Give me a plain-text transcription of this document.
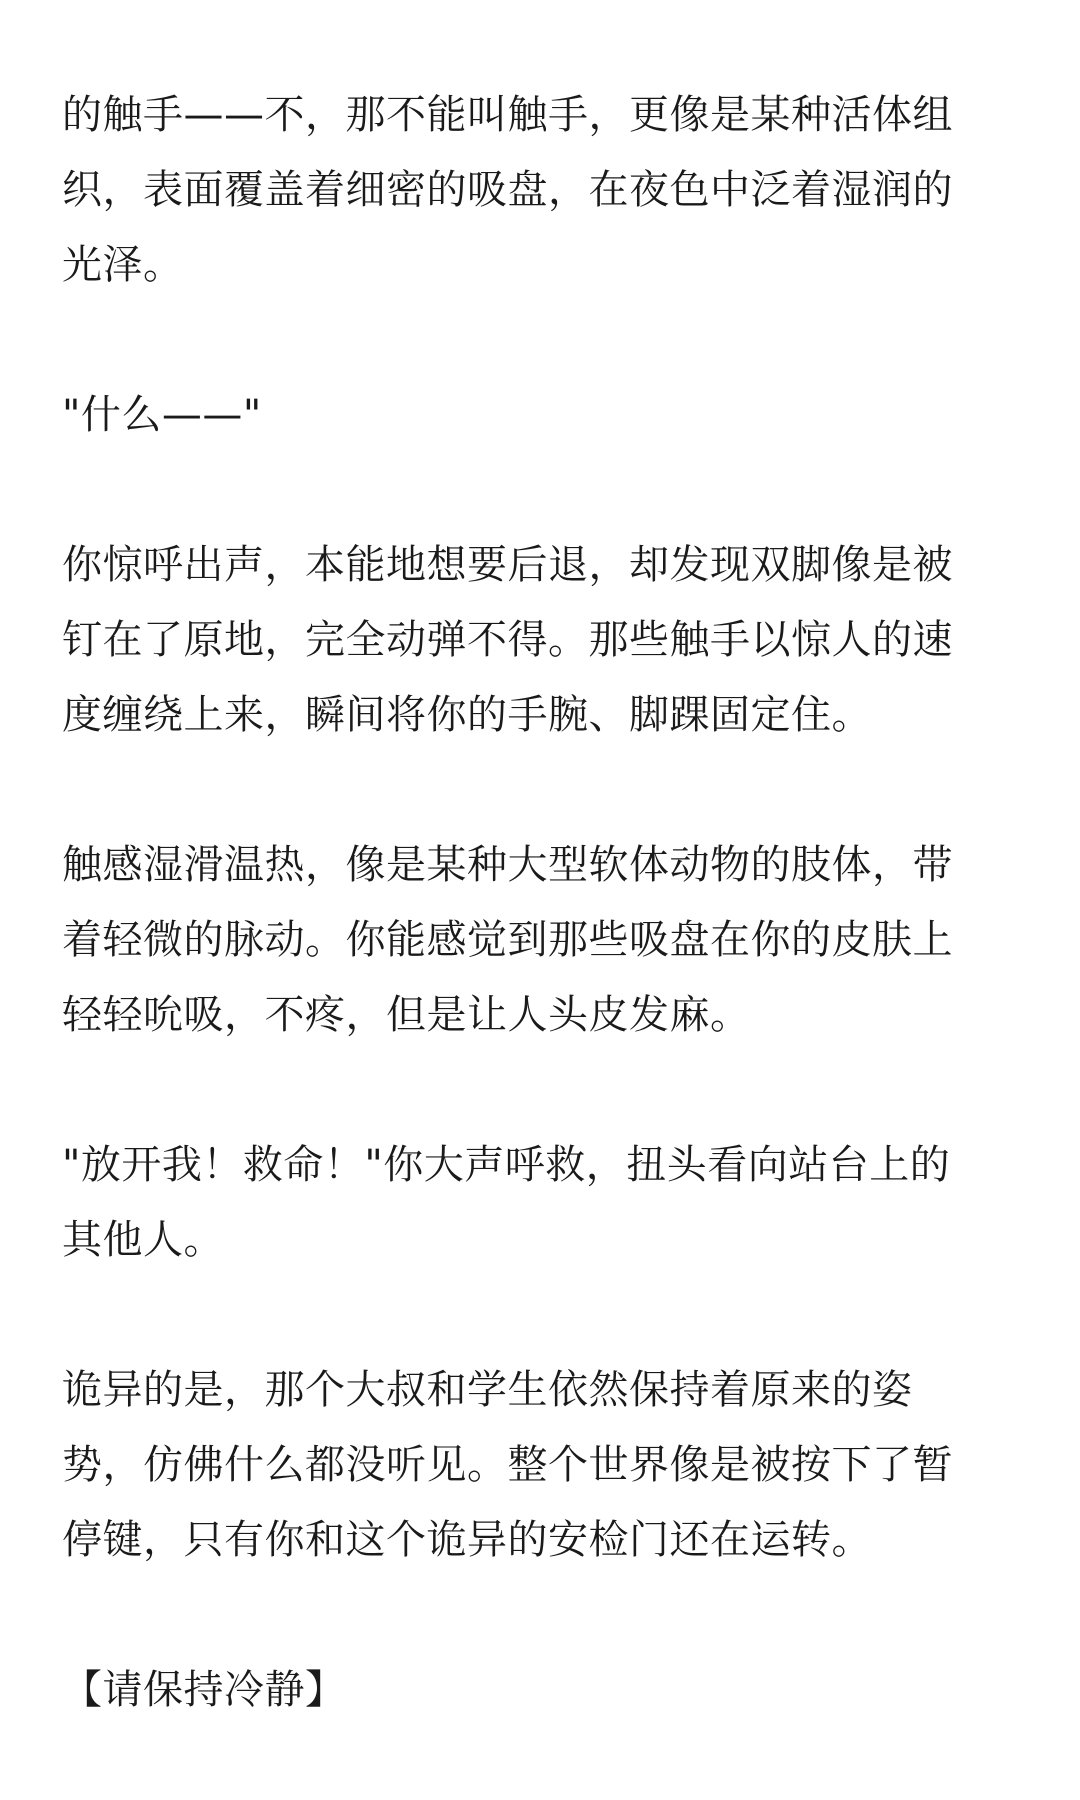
的触手——不，那不能叫触手，更像是某种活体组
织，表面覆盖着细密的吸盘，在夜色中泛着湿润的
光泽。

"什么——"

你惊呼出声，本能地想要后退，却发现双脚像是被
钉在了原地，完全动弹不得。那些触手以惊人的速
度缠绕上来，瞬间将你的手腕、脚踝固定住。

触感湿滑温热，像是某种大型软体动物的肢体，带
着轻微的脉动。你能感觉到那些吸盘在你的皮肤上
轻轻吮吸，不疼，但是让人头皮发麻。

"放开我！救命！"你大声呼救，扭头看向站台上的
其他人。

诡异的是，那个大叔和学生依然保持着原来的姿
势，仿佛什么都没听见。整个世界像是被按下了暂
停键，只有你和这个诡异的安检门还在运转。

【请保持冷静】
